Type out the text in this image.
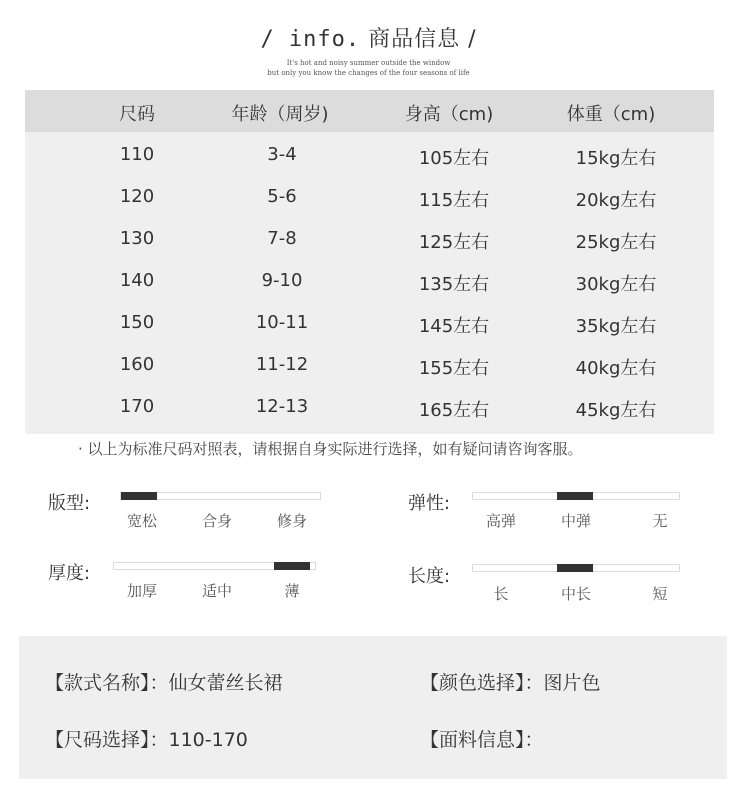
/ info. 商品信息 /
It's hot and noisy summer outside the window
but only you know the changes of the four seasons of life
尺码	年龄（周岁)	身高（cm)	体重（cm)
110	3-4	105左右	15kg左右
120	5-6	115左右	20kg左右
130	7-8	125左右	25kg左右
140	9-10	135左右	30kg左右
150	10-11	145左右	35kg左右
160	11-12	155左右	40kg左右
170	12-13	165左右	45kg左右
· 以上为标准尺码对照表，请根据自身实际进行选择，如有疑问请咨询客服。
版型:
宽松	合身	修身
弹性:
高弹	中弹	无
厚度:
加厚	适中	薄
长度:
长	中长	短
【款式名称】：仙女蕾丝长裙	【颜色选择】：图片色
【尺码选择】：110-170	【面料信息】：
